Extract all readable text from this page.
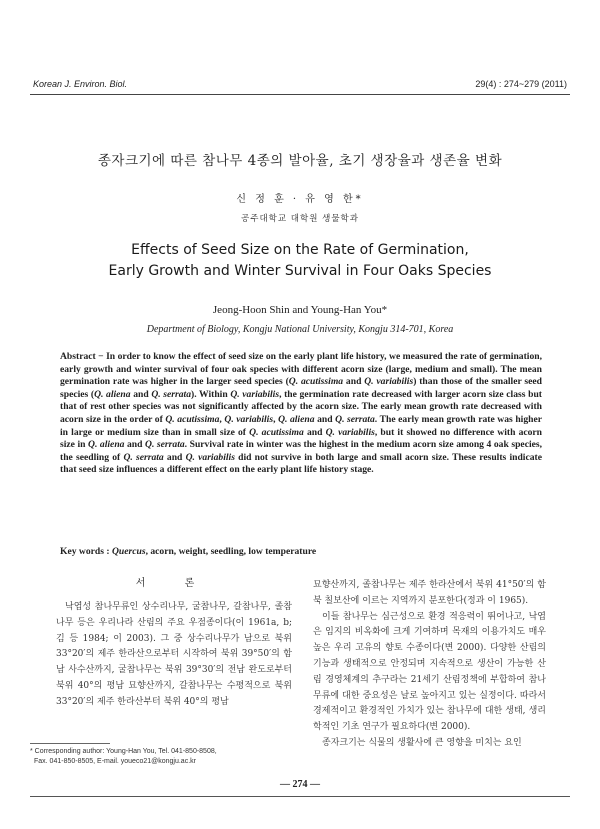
Korean J. Environ. Biol.	29(4) : 274~279 (2011)
종자크기에 따른 참나무 4종의 발아율, 초기 생장율과 생존율 변화
신 정 훈 · 유 영 한*
공주대학교 대학원 생물학과
Effects of Seed Size on the Rate of Germination,
Early Growth and Winter Survival in Four Oaks Species
Jeong-Hoon Shin and Young-Han You*
Department of Biology, Kongju National University, Kongju 314-701, Korea
Abstract − In order to know the effect of seed size on the early plant life history, we measured the rate of germination, early growth and winter survival of four oak species with different acorn size (large, medium and small). The mean germination rate was higher in the larger seed species (Q. acutissima and Q. variabilis) than those of the smaller seed species (Q. aliena and Q. serrata). Within Q. variabilis, the germination rate decreased with larger acorn size class but that of rest other species was not significantly affected by the acorn size. The early mean growth rate decreased with acorn size in the order of Q. acutissima, Q. variabilis, Q. aliena and Q. serrata. The early mean growth rate was higher in large or medium size than in small size of Q. acutissima and Q. variabilis, but it showed no difference with acorn size in Q. aliena and Q. serrata. Survival rate in winter was the highest in the medium acorn size among 4 oak species, the seedling of Q. serrata and Q. variabilis did not survive in both large and small acorn size. These results indicate that seed size influences a different effect on the early plant life history stage.
Key words : Quercus, acorn, weight, seedling, low temperature
서 론
낙엽성 참나무류인 상수리나무, 굴참나무, 갈참나무, 졸참나무 등은 우리나라 산림의 주요 우점종이다(이 1961a, b; 김 등 1984; 이 2003). 그 중 상수리나무가 남으로 북위 33°20′의 제주 한라산으로부터 시작하여 북위 39°50′의 함남 사수산까지, 굴참나무는 북위 39°30′의 전남 완도로부터 북위 40°의 평남 묘향산까지, 갈참나무는 수평적으로 북위 33°20′의 제주 한라산부터 북위 40°의 평남
묘향산까지, 졸참나무는 제주 한라산에서 북위 41°50′의 함북 칠보산에 이르는 지역까지 분포한다(정과 이 1965).
이들 참나무는 심근성으로 환경 적응력이 뛰어나고, 낙엽은 임지의 비옥화에 크게 기여하며 목재의 이용가치도 매우 높은 우리 고유의 향토 수종이다(변 2000). 다양한 산림의 기능과 생태적으로 안정되며 지속적으로 생산이 가능한 산림 경영체계의 추구라는 21세기 산림정책에 부합하여 참나무류에 대한 중요성은 날로 높아지고 있는 실정이다. 따라서 경제적이고 환경적인 가치가 있는 참나무에 대한 생태, 생리학적인 기초 연구가 필요하다(변 2000).
종자크기는 식물의 생활사에 큰 영향을 미치는 요인
* Corresponding author: Young-Han You, Tel. 041-850-8508,
Fax. 041-850-8505, E-mail. youeco21@kongju.ac.kr
— 274 —
